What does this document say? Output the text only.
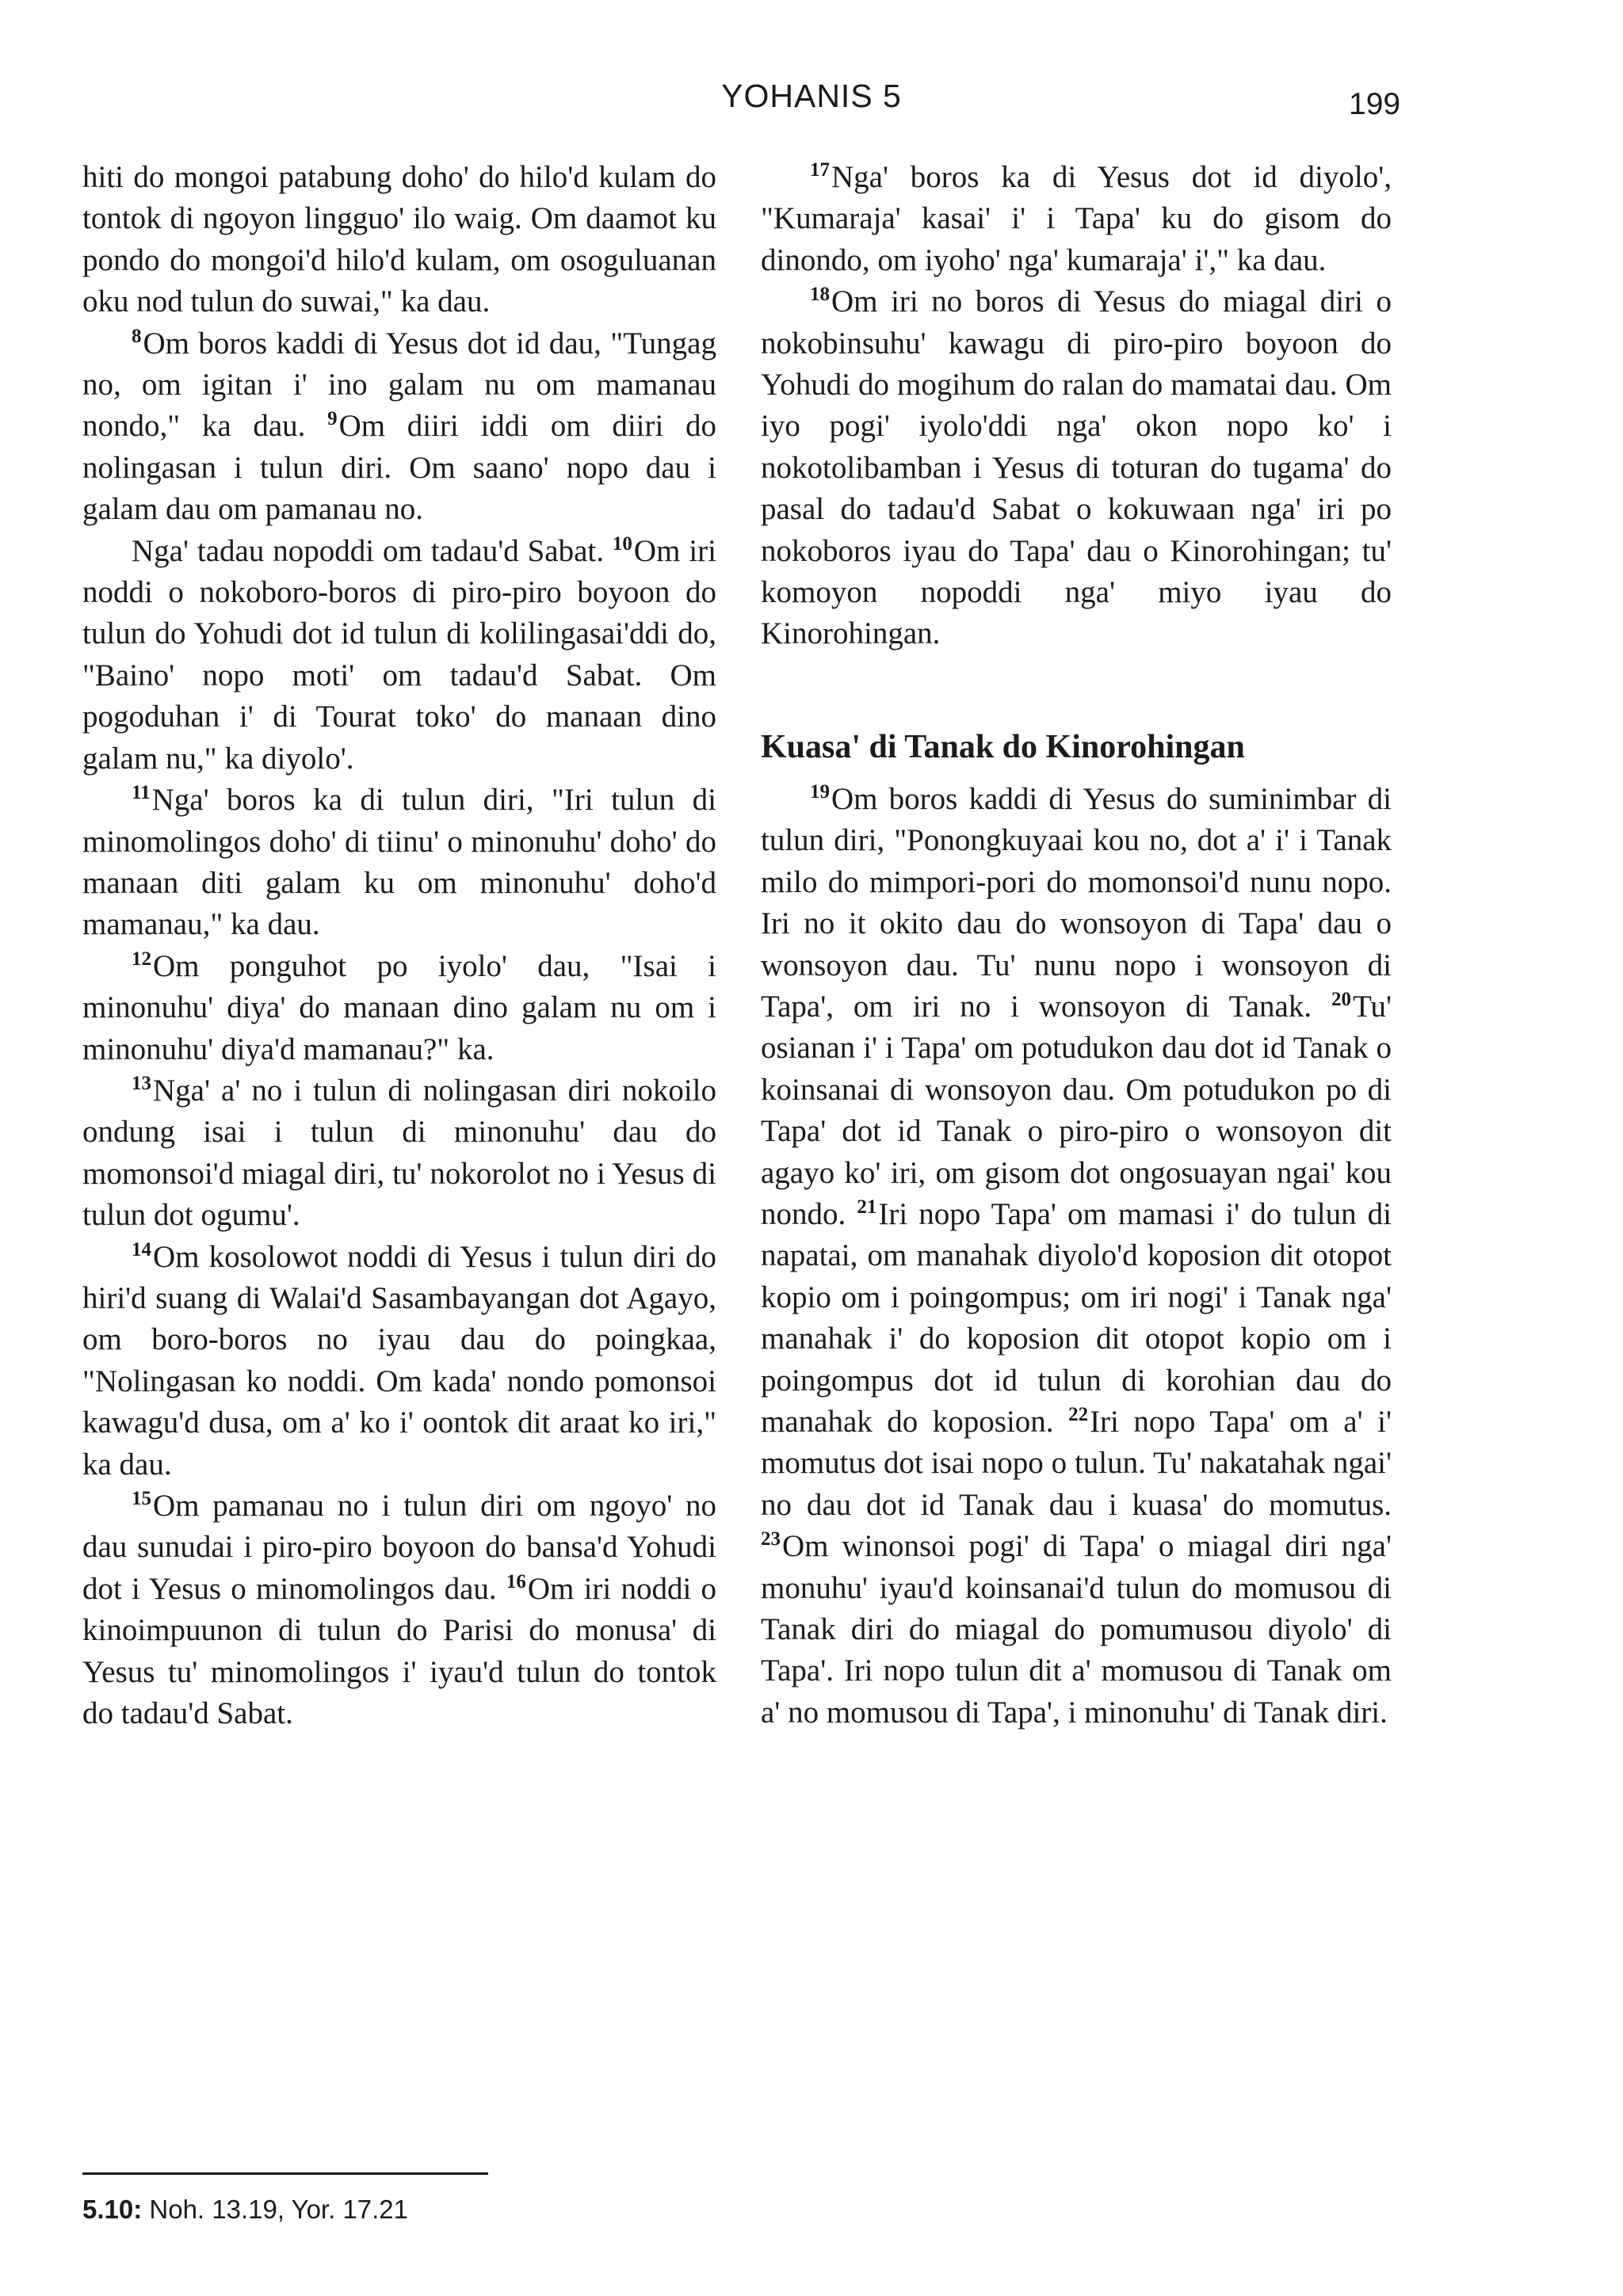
YOHANIS 5	199

hiti do mongoi patabung doho' do hilo'd kulam do tontok di ngoyon lingguo' ilo waig. Om daamot ku pondo do mongoi'd hilo'd kulam, om osoguluanan oku nod tulun do suwai," ka dau.

$^8$Om boros kaddi di Yesus dot id dau, "Tungag no, om igitan i' ino galam nu om mamanau nondo," ka dau. $^9$Om diiri iddi om diiri do nolingasan i tulun diri. Om saano' nopo dau i galam dau om pamanau no.

Nga' tadau nopoddi om tadau'd Sabat. $^{10}$Om iri noddi o nokoboro-boros di piro-piro boyoon do tulun do Yohudi dot id tulun di kolilingasai'ddi do, "Baino' nopo moti' om tadau'd Sabat. Om pogoduhan i' di Tourat toko' do manaan dino galam nu," ka diyolo'.

$^{11}$Nga' boros ka di tulun diri, "Iri tulun di minomolingos doho' di tiinu' o minonuhu' doho' do manaan diti galam ku om minonuhu' doho'd mamanau," ka dau.

$^{12}$Om ponguhot po iyolo' dau, "Isai i minonuhu' diya' do manaan dino galam nu om i minonuhu' diya'd mamanau?" ka.

$^{13}$Nga' a' no i tulun di nolingasan diri nokoilo ondung isai i tulun di minonuhu' dau do momonsoi'd miagal diri, tu' nokorolot no i Yesus di tulun dot ogumu'.

$^{14}$Om kosolowot noddi di Yesus i tulun diri do hiri'd suang di Walai'd Sasambayangan dot Agayo, om boro-boros no iyau dau do poingkaa, "Nolingasan ko noddi. Om kada' nondo pomonsoi kawagu'd dusa, om a' ko i' oontok dit araat ko iri," ka dau.

$^{15}$Om pamanau no i tulun diri om ngoyo' no dau sunudai i piro-piro boyoon do bansa'd Yohudi dot i Yesus o minomolingos dau. $^{16}$Om iri noddi o kinoimpuunon di tulun do Parisi do monusa' di Yesus tu' minomolingos i' iyau'd tulun do tontok do tadau'd Sabat.

$^{17}$Nga' boros ka di Yesus dot id diyolo', "Kumaraja' kasai' i' i Tapa' ku do gisom do dinondo, om iyoho' nga' kumaraja' i'," ka dau.

$^{18}$Om iri no boros di Yesus do miagal diri o nokobinsuhu' kawagu di piro-piro boyoon do Yohudi do mogihum do ralan do mamatai dau. Om iyo pogi' iyolo'ddi nga' okon nopo ko' i nokotolibamban i Yesus di toturan do tugama' do pasal do tadau'd Sabat o kokuwaan nga' iri po nokoboros iyau do Tapa' dau o Kinorohingan; tu' komoyon nopoddi nga' miyo iyau do Kinorohingan.

Kuasa' di Tanak do Kinorohingan

$^{19}$Om boros kaddi di Yesus do suminimbar di tulun diri, "Ponongkuyaai kou no, dot a' i' i Tanak milo do mimpori-pori do momonsoi'd nunu nopo. Iri no it okito dau do wonsoyon di Tapa' dau o wonsoyon dau. Tu' nunu nopo i wonsoyon di Tapa', om iri no i wonsoyon di Tanak. $^{20}$Tu' osianan i' i Tapa' om potudukon dau dot id Tanak o koinsanai di wonsoyon dau. Om potudukon po di Tapa' dot id Tanak o piro-piro o wonsoyon dit agayo ko' iri, om gisom dot ongosuayan ngai' kou nondo. $^{21}$Iri nopo Tapa' om mamasi i' do tulun di napatai, om manahak diyolo'd koposion dit otopot kopio om i poingompus; om iri nogi' i Tanak nga' manahak i' do koposion dit otopot kopio om i poingompus dot id tulun di korohian dau do manahak do koposion. $^{22}$Iri nopo Tapa' om a' i' momutus dot isai nopo o tulun. Tu' nakatahak ngai' no dau dot id Tanak dau i kuasa' do momutus. $^{23}$Om winonsoi pogi' di Tapa' o miagal diri nga' monuhu' iyau'd koinsanai'd tulun do momusou di Tanak diri do miagal do pomumusou diyolo' di Tapa'. Iri nopo tulun dit a' momusou di Tanak om a' no momusou di Tapa', i minonuhu' di Tanak diri.

5.10: Noh. 13.19, Yor. 17.21
